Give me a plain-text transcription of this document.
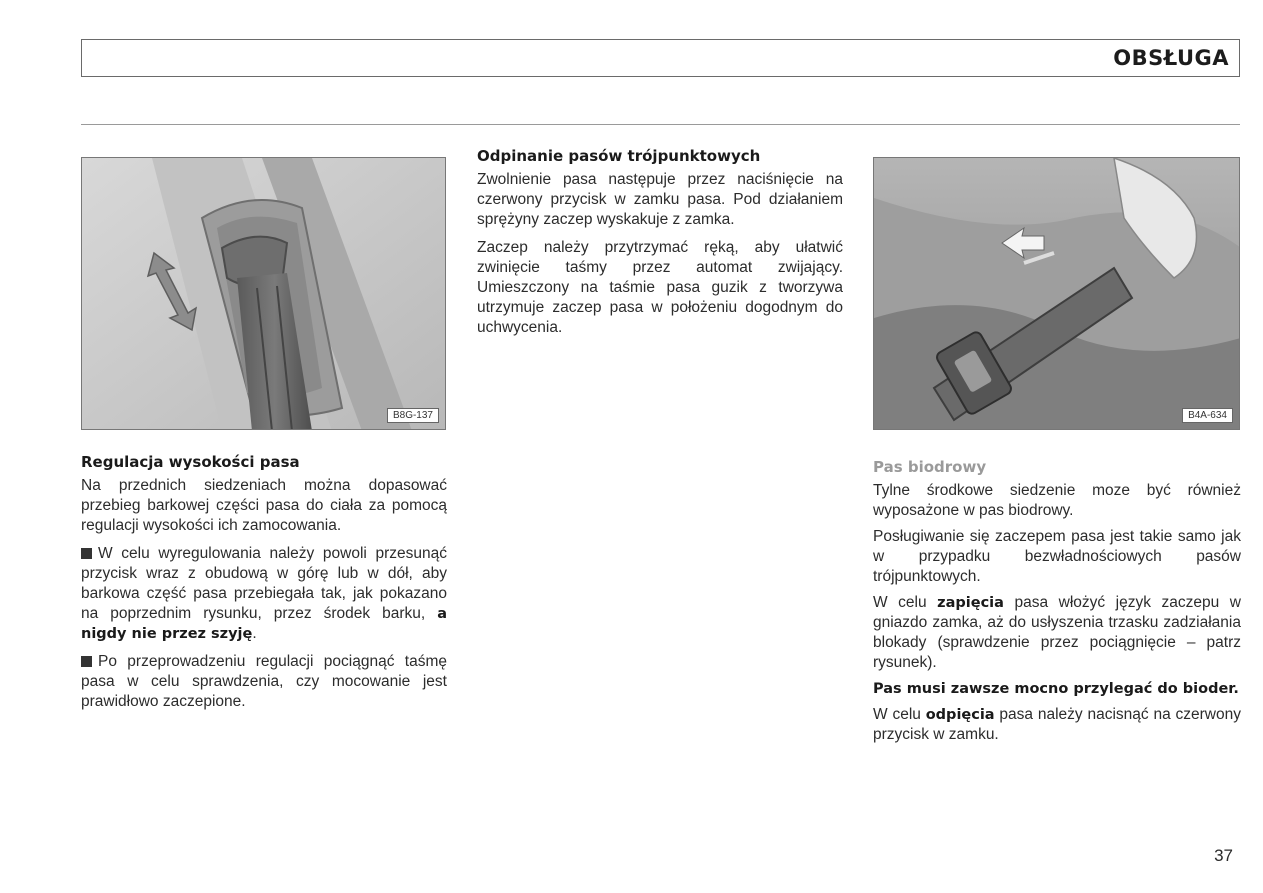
OBSŁUGA
B8G-137	B4A-634
Odpinanie pasów trójpunktowych

Zwolnienie pasa następuje przez naciśnięcie na czerwony przycisk w zamku pasa. Pod działaniem sprężyny zaczep wyskakuje z zamka.

Zaczep należy przytrzymać ręką, aby ułatwić zwinięcie taśmy przez automat zwijający. Umieszczony na taśmie pasa guzik z tworzywa utrzymuje zaczep pasa w położeniu dogodnym do uchwycenia.

Regulacja wysokości pasa

Na przednich siedzeniach można dopasować przebieg barkowej części pasa do ciała za pomocą regulacji wysokości ich zamocowania.

W celu wyregulowania należy powoli przesunąć przycisk wraz z obudową w górę lub w dół, aby barkowa część pasa przebiegała tak, jak pokazano na poprzednim rysunku, przez środek barku, a nigdy nie przez szyję.

Po przeprowadzeniu regulacji pociągnąć taśmę pasa w celu sprawdzenia, czy mocowanie jest prawidłowo zaczepione.

Pas biodrowy

Tylne środkowe siedzenie moze być również wyposażone w pas biodrowy.

Posługiwanie się zaczepem pasa jest takie samo jak w przypadku bezwładnościowych pasów trójpunktowych.

W celu zapięcia pasa włożyć język zaczepu w gniazdo zamka, aż do usłyszenia trzasku zadziałania blokady (sprawdzenie przez pociągnięcie – patrz rysunek).

Pas musi zawsze mocno przylegać do bioder.

W celu odpięcia pasa należy nacisnąć na czerwony przycisk w zamku.

37
